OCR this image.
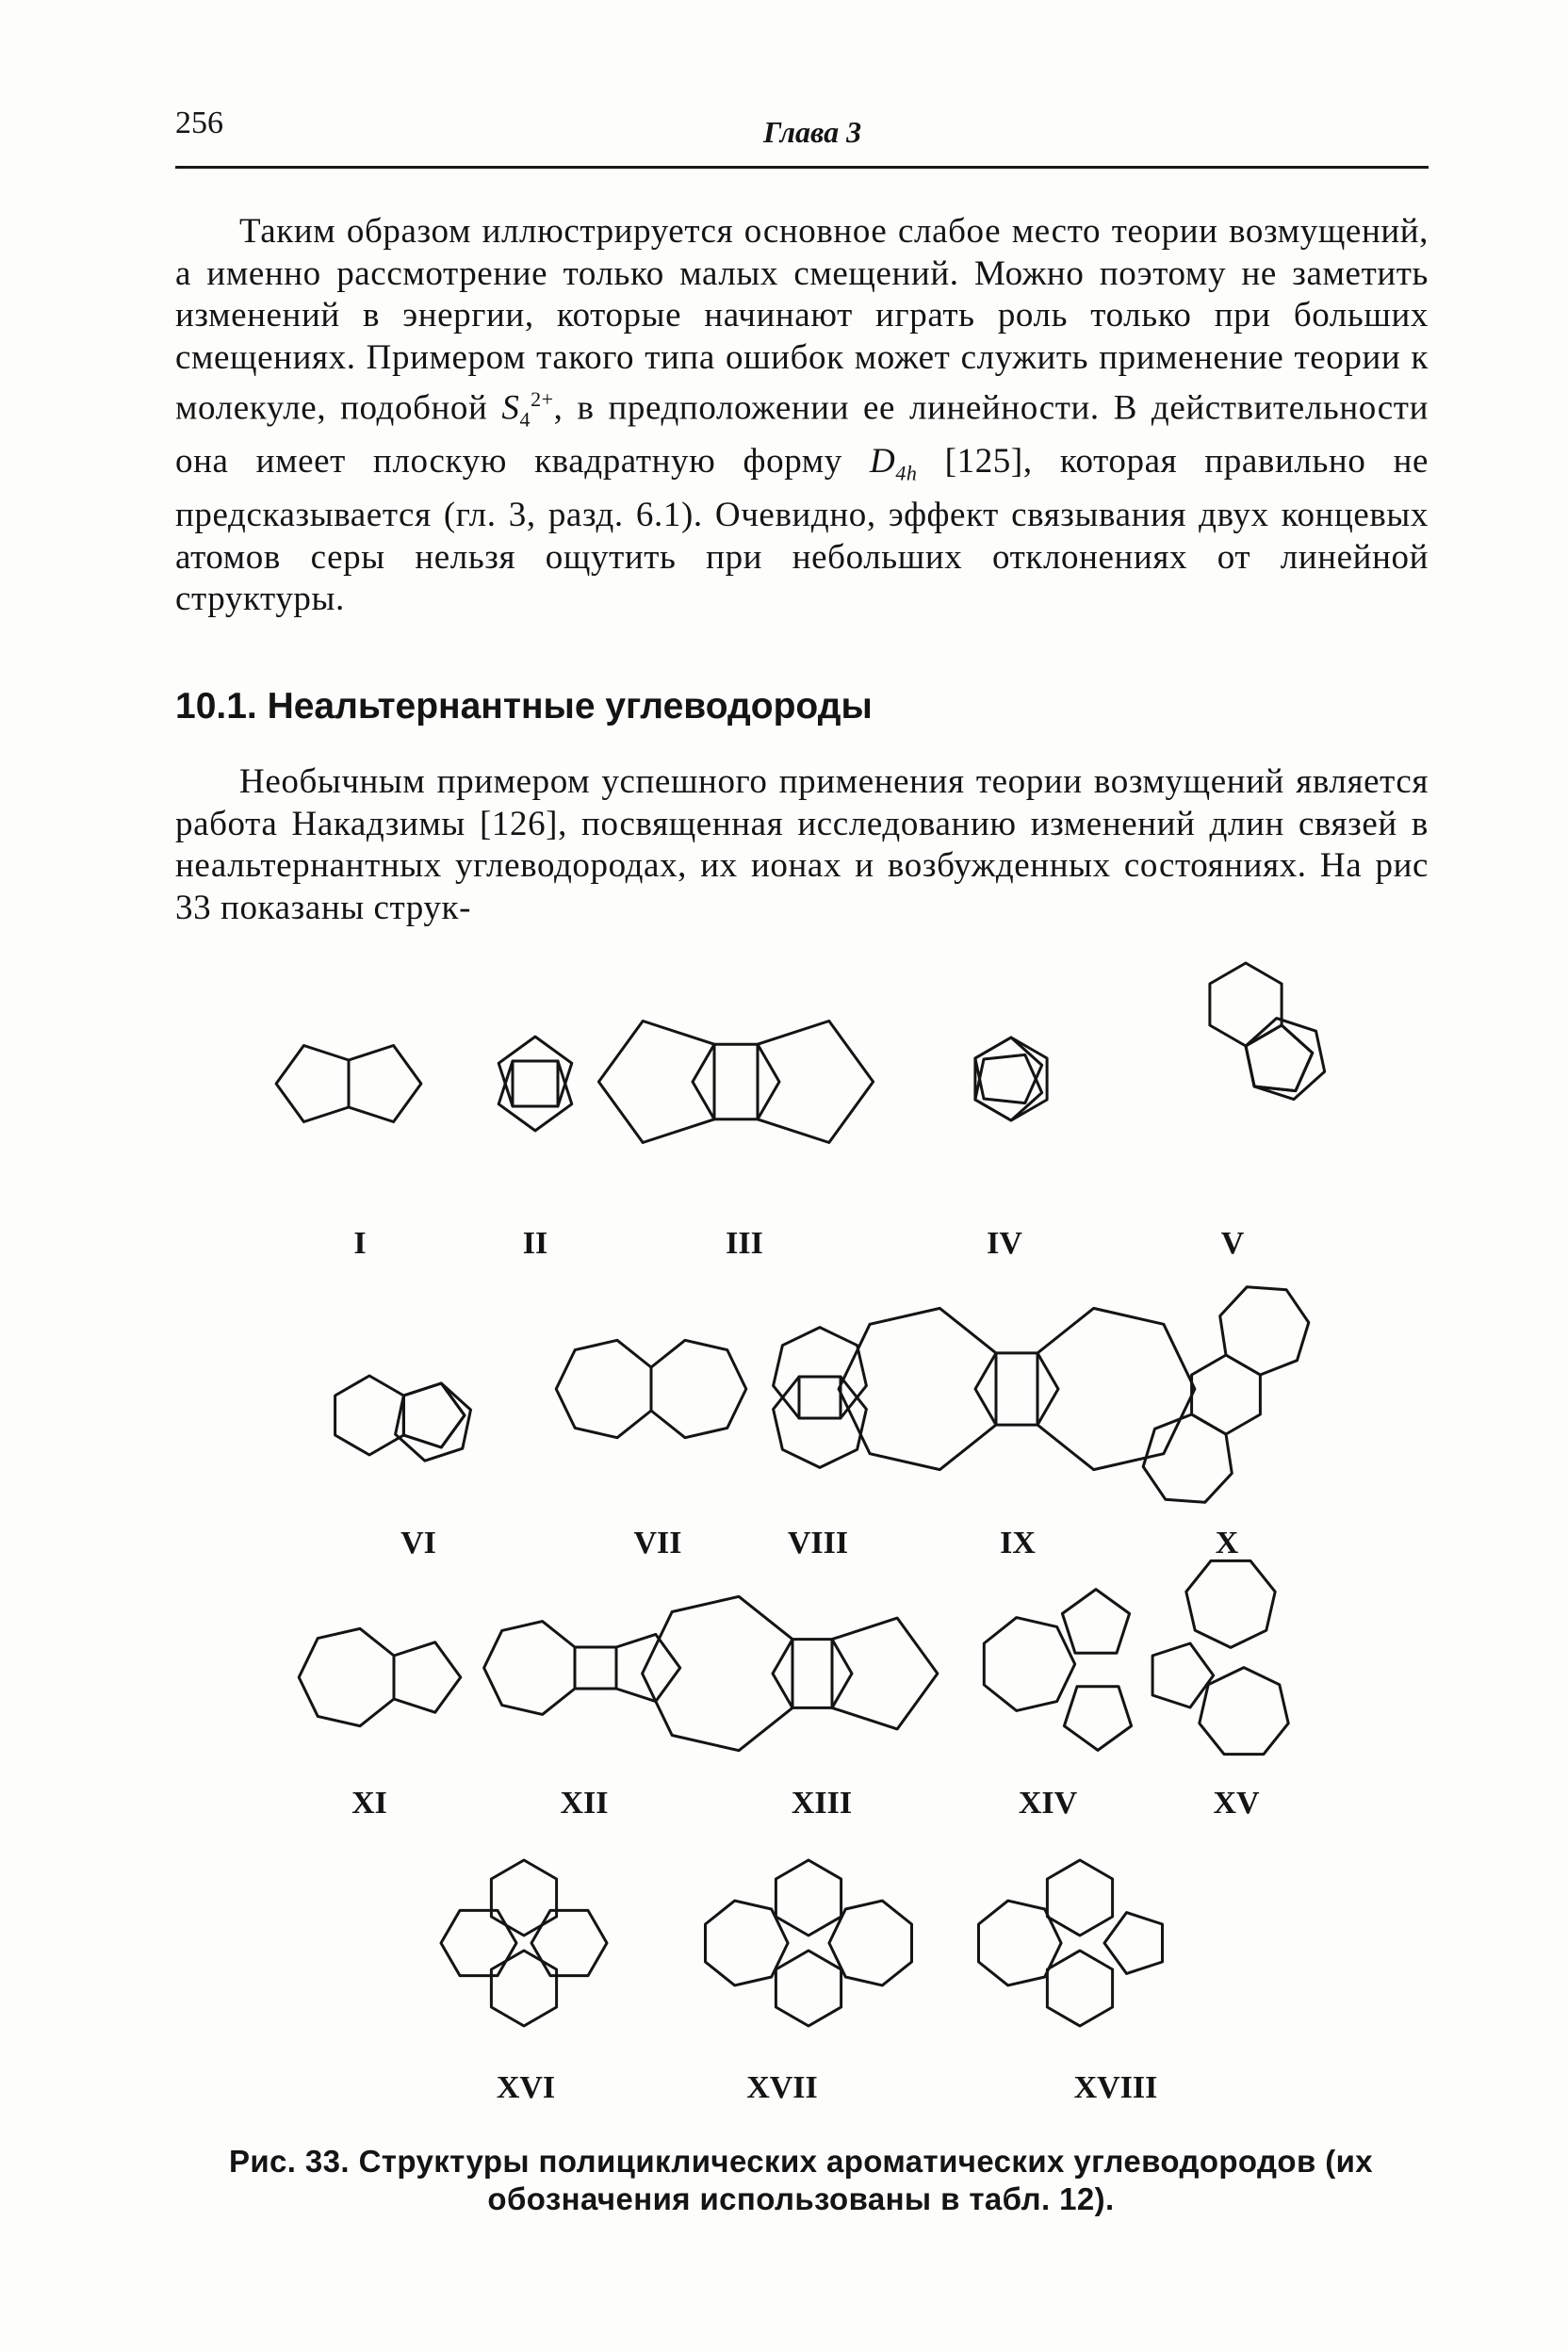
256	Глава 3

Таким образом иллюстрируется основное слабое место теории возмущений, а именно рассмотрение только малых смещений. Можно поэтому не заметить изменений в энергии, которые начинают играть роль только при больших смещениях. Примером такого типа ошибок может служить применение теории к молекуле, подобной $S_4^{2+}$, в предположении ее линейности. В действительности она имеет плоскую квадратную форму $D_{4h}$ [125], которая правильно не предсказывается (гл. 3, разд. 6.1). Очевидно, эффект связывания двух концевых атомов серы нельзя ощутить при небольших отклонениях от линейной структуры.

10.1. Неальтернантные углеводороды

Необычным примером успешного применения теории возмущений является работа Накадзимы [126], посвященная исследованию изменений длин связей в неальтернантных углеводородах, их ионах и возбужденных состояниях. На рис 33 показаны струк-

I	II	III	IV	V
VI	VII	VIII	IX	X
XI	XII	XIII	XIV	XV
XVI	XVII	XVIII

Рис. 33. Структуры полициклических ароматических углеводородов (их обозначения использованы в табл. 12).
